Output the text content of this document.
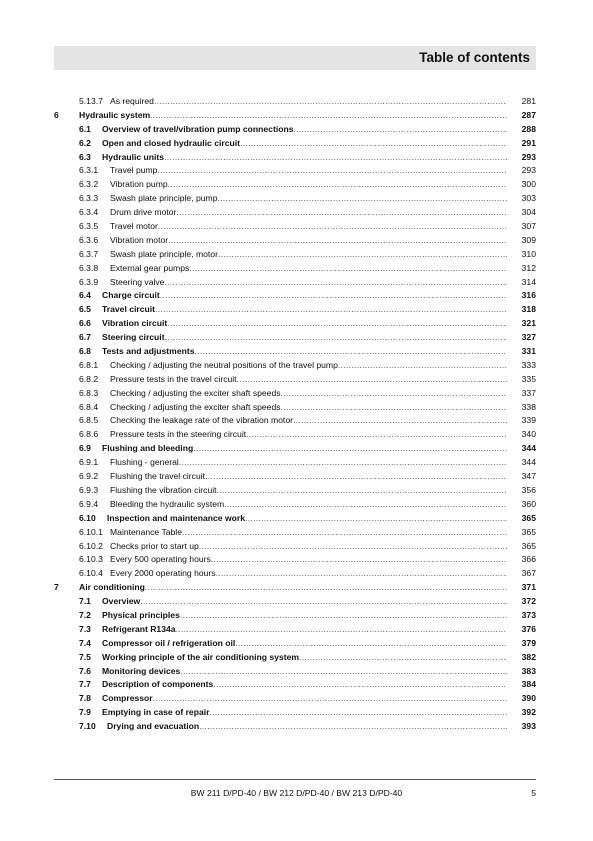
Table of contents
5.13.7 As required .....	281
6	Hydraulic system .....	287
6.1	Overview of travel/vibration pump connections .....	288
6.2	Open and closed hydraulic circuit .....	291
6.3	Hydraulic units .....	293
6.3.1	Travel pump .....	293
6.3.2	Vibration pump .....	300
6.3.3	Swash plate principle, pump .....	303
6.3.4	Drum drive motor .....	304
6.3.5	Travel motor .....	307
6.3.6	Vibration motor .....	309
6.3.7	Swash plate principle, motor .....	310
6.3.8	External gear pumps .....	312
6.3.9	Steering valve .....	314
6.4	Charge circuit .....	316
6.5	Travel circuit .....	318
6.6	Vibration circuit .....	321
6.7	Steering circuit .....	327
6.8	Tests and adjustments .....	331
6.8.1	Checking / adjusting the neutral positions of the travel pump .....	333
6.8.2	Pressure tests in the travel circuit .....	335
6.8.3	Checking / adjusting the exciter shaft speeds .....	337
6.8.4	Checking / adjusting the exciter shaft speeds .....	338
6.8.5	Checking the leakage rate of the vibration motor .....	339
6.8.6	Pressure tests in the steering circuit .....	340
6.9	Flushing and bleeding .....	344
6.9.1	Flushing - general .....	344
6.9.2	Flushing the travel circuit .....	347
6.9.3	Flushing the vibration circuit .....	356
6.9.4	Bleeding the hydraulic system .....	360
6.10	Inspection and maintenance work .....	365
6.10.1 Maintenance Table .....	365
6.10.2 Checks prior to start up .....	365
6.10.3 Every 500 operating hours .....	366
6.10.4 Every 2000 operating hours .....	367
7	Air conditioning .....	371
7.1	Overview .....	372
7.2	Physical principles .....	373
7.3	Refrigerant R134a .....	376
7.4	Compressor oil / refrigeration oil .....	379
7.5	Working principle of the air conditioning system .....	382
7.6	Monitoring devices .....	383
7.7	Description of components .....	384
7.8	Compressor .....	390
7.9	Emptying in case of repair .....	392
7.10	Drying and evacuation .....	393
BW 211 D/PD-40 / BW 212 D/PD-40 / BW 213 D/PD-40	5
